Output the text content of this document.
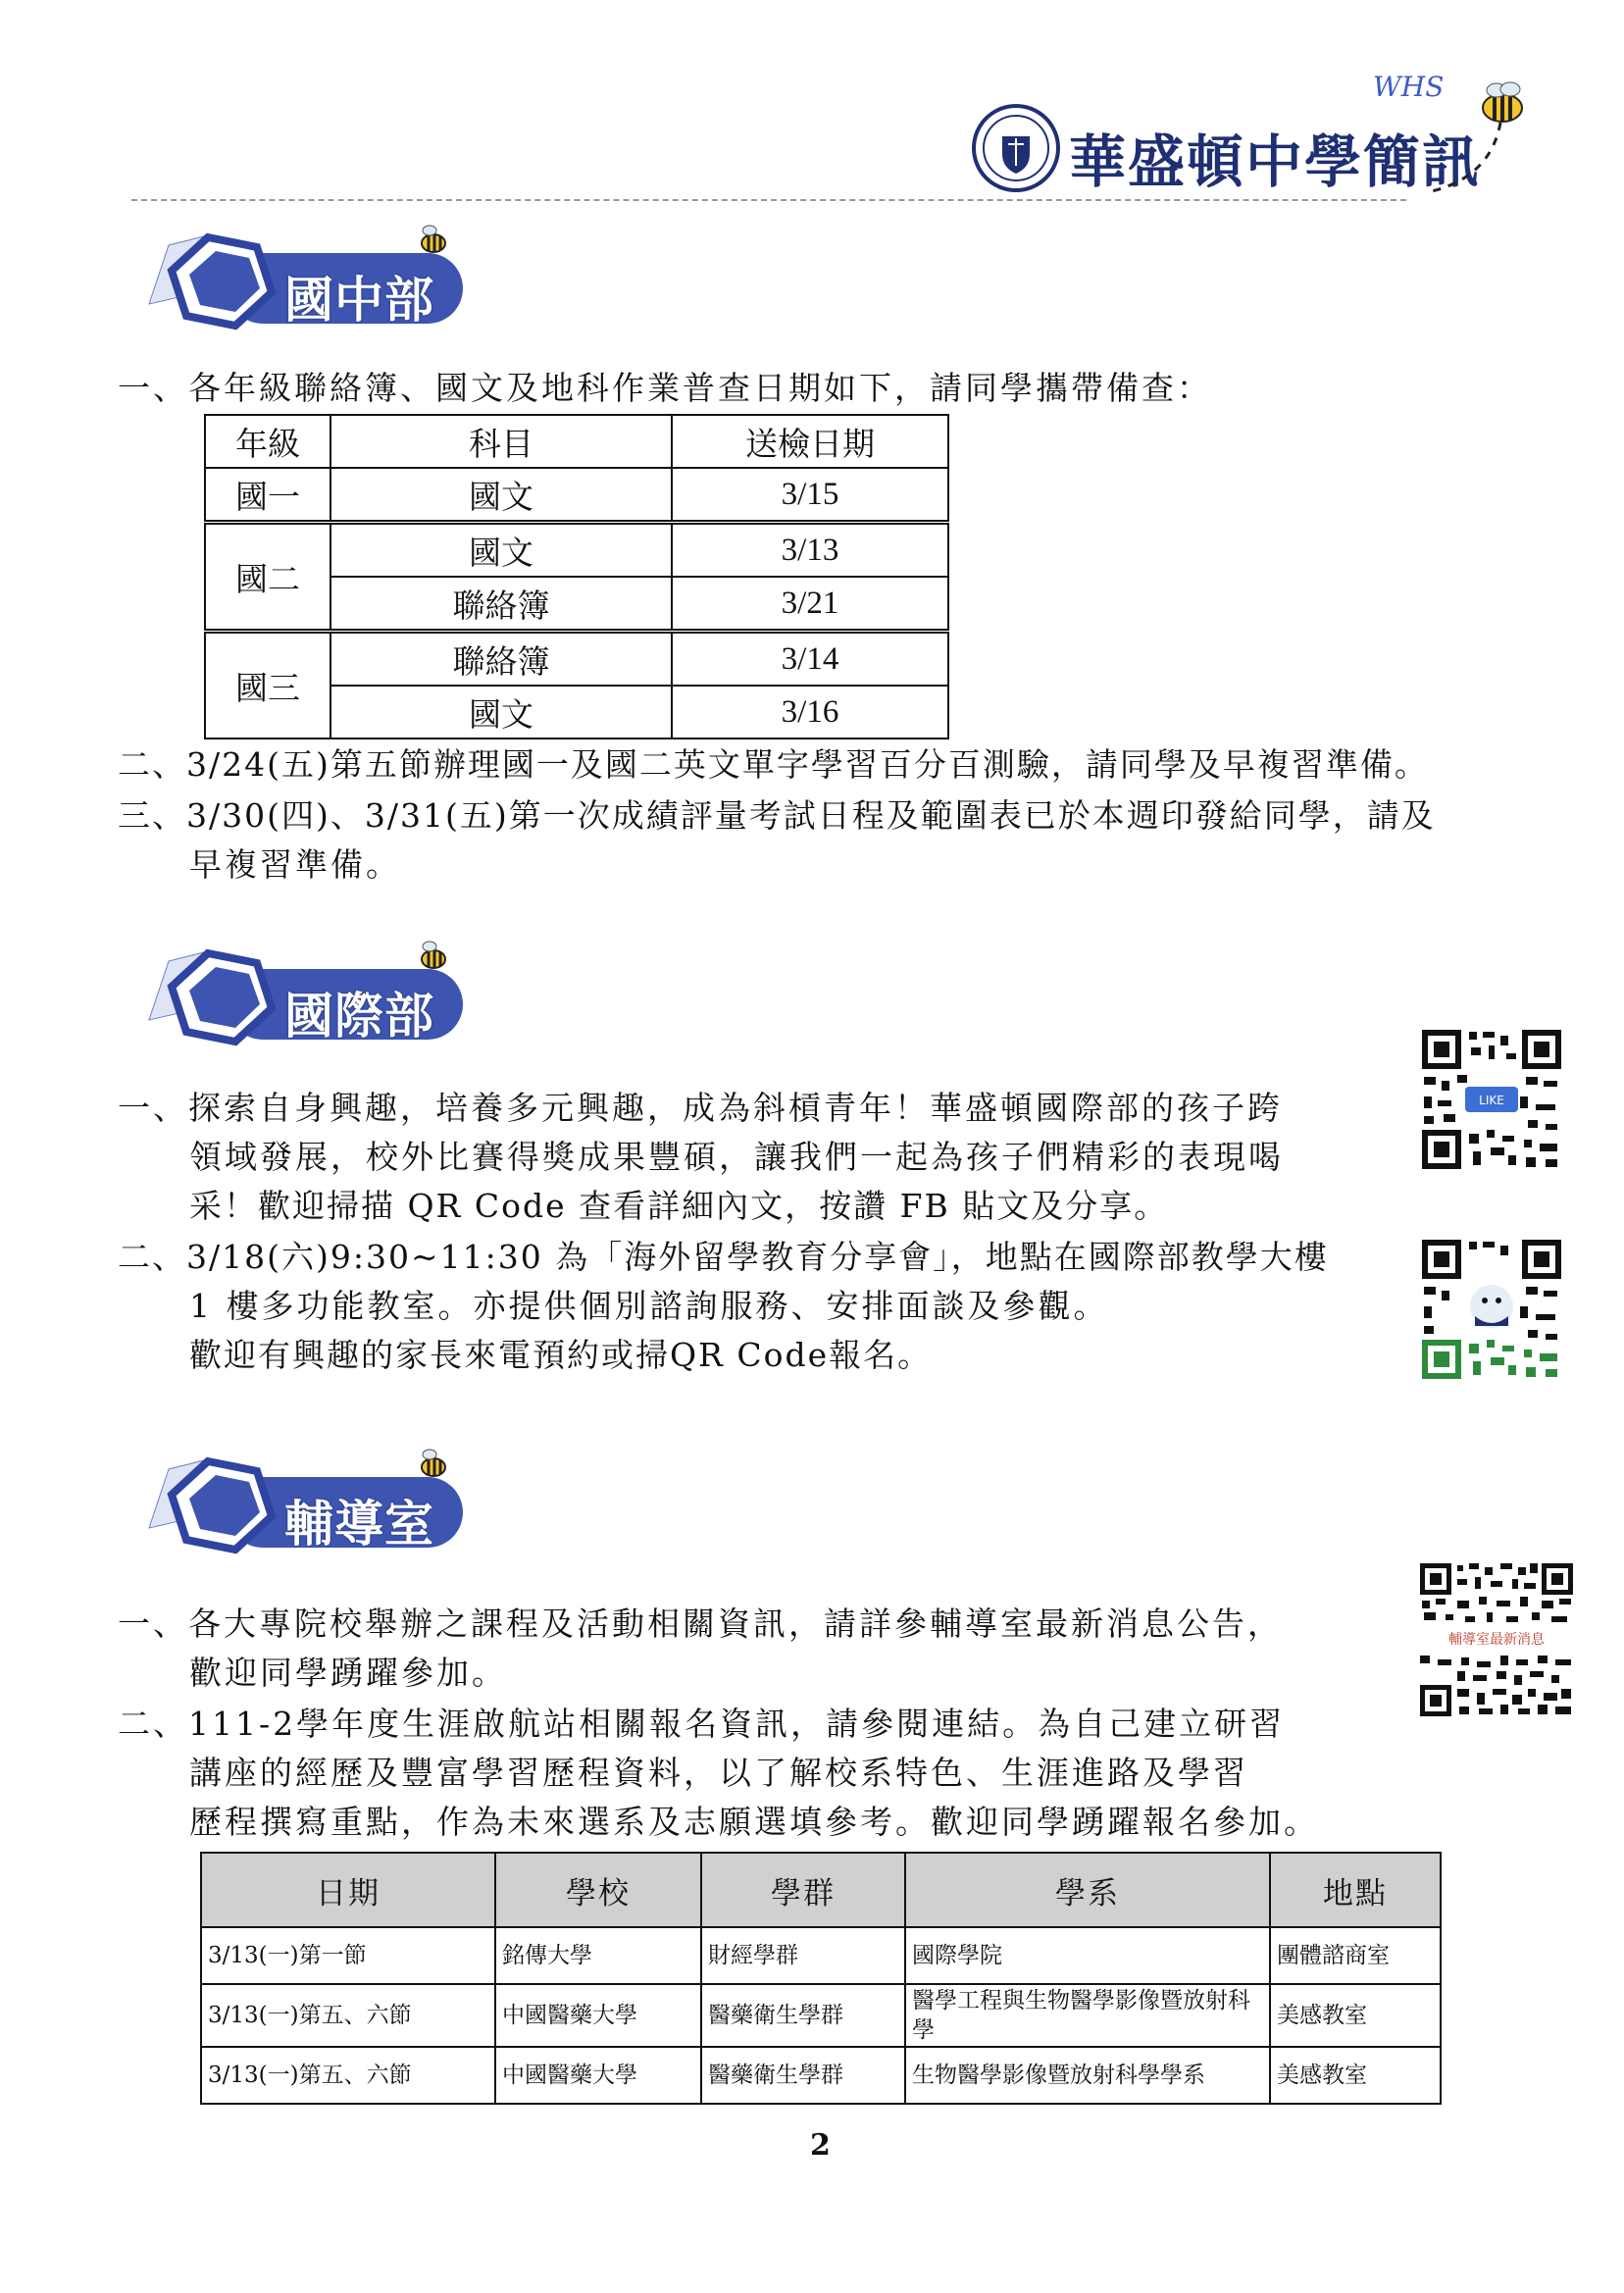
華盛頓中學簡訊
WHS
國中部
一、各年級聯絡簿、國文及地科作業普查日期如下，請同學攜帶備查：
年級	科目	送檢日期
國一	國文	3/15
國二	國文	3/13
	聯絡簿	3/21
國三	聯絡簿	3/14
	國文	3/16
二、3/24(五)第五節辦理國一及國二英文單字學習百分百測驗，請同學及早複習準備。
三、3/30(四)、3/31(五)第一次成績評量考試日程及範圍表已於本週印發給同學，請及
早複習準備。
國際部
一、探索自身興趣，培養多元興趣，成為斜槓青年！華盛頓國際部的孩子跨
領域發展，校外比賽得獎成果豐碩，讓我們一起為孩子們精彩的表現喝
采！歡迎掃描 QR Code 查看詳細內文，按讚 FB 貼文及分享。
二、3/18(六)9:30~11:30 為「海外留學教育分享會」，地點在國際部教學大樓
1 樓多功能教室。亦提供個別諮詢服務、安排面談及參觀。
歡迎有興趣的家長來電預約或掃QR Code報名。
LIKE
輔導室
輔導室最新消息
一、各大專院校舉辦之課程及活動相關資訊，請詳參輔導室最新消息公告，
歡迎同學踴躍參加。
二、111-2學年度生涯啟航站相關報名資訊，請參閱連結。為自己建立研習
講座的經歷及豐富學習歷程資料，以了解校系特色、生涯進路及學習
歷程撰寫重點，作為未來選系及志願選填參考。歡迎同學踴躍報名參加。
日期	學校	學群	學系	地點
3/13(一)第一節	銘傳大學	財經學群	國際學院	團體諮商室
3/13(一)第五、六節	中國醫藥大學	醫藥衛生學群	醫學工程與生物醫學影像暨放射科學	美感教室
3/13(一)第五、六節	中國醫藥大學	醫藥衛生學群	生物醫學影像暨放射科學學系	美感教室
2
